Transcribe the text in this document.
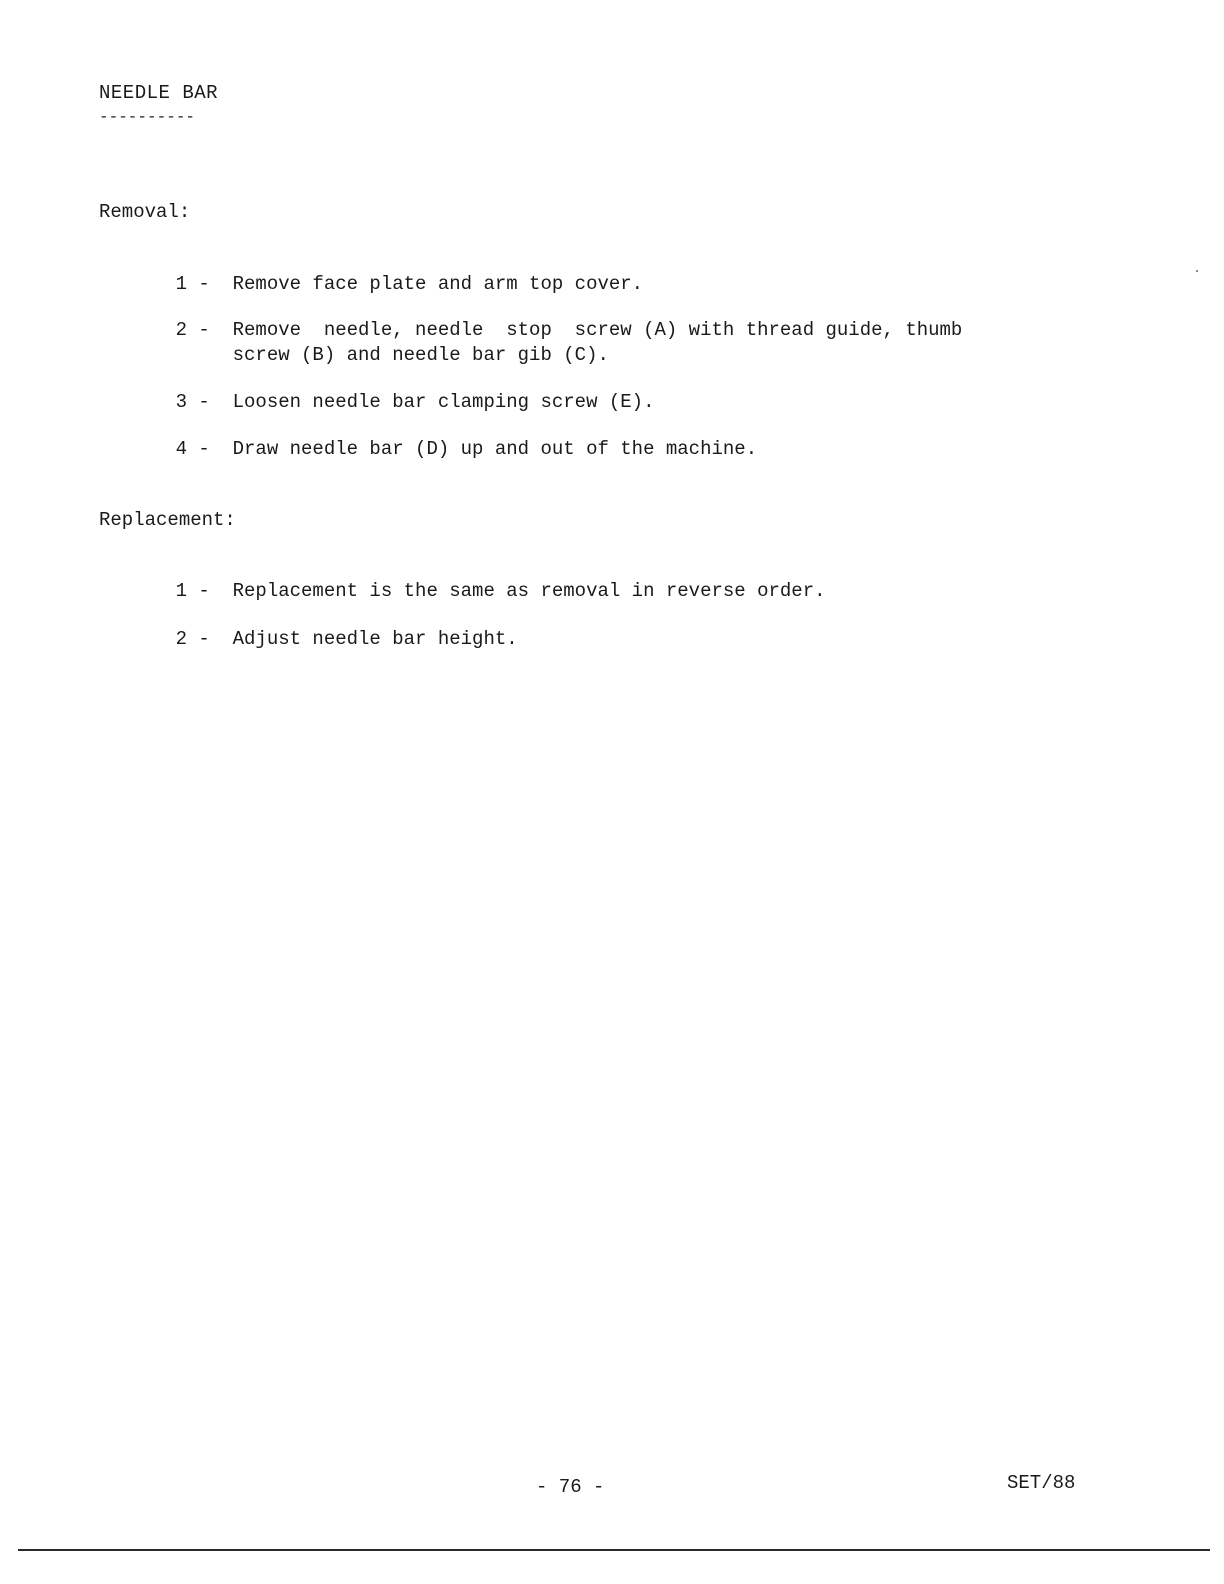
NEEDLE BAR
----------
Removal:

1 - Remove face plate and arm top cover.

2 - Remove  needle, needle  stop  screw (A) with thread guide, thumb
screw (B) and needle bar gib (C).

3 - Loosen needle bar clamping screw (E).

4 - Draw needle bar (D) up and out of the machine.

Replacement:

1 - Replacement is the same as removal in reverse order.

2 - Adjust needle bar height.

- 76 -	SET/88
